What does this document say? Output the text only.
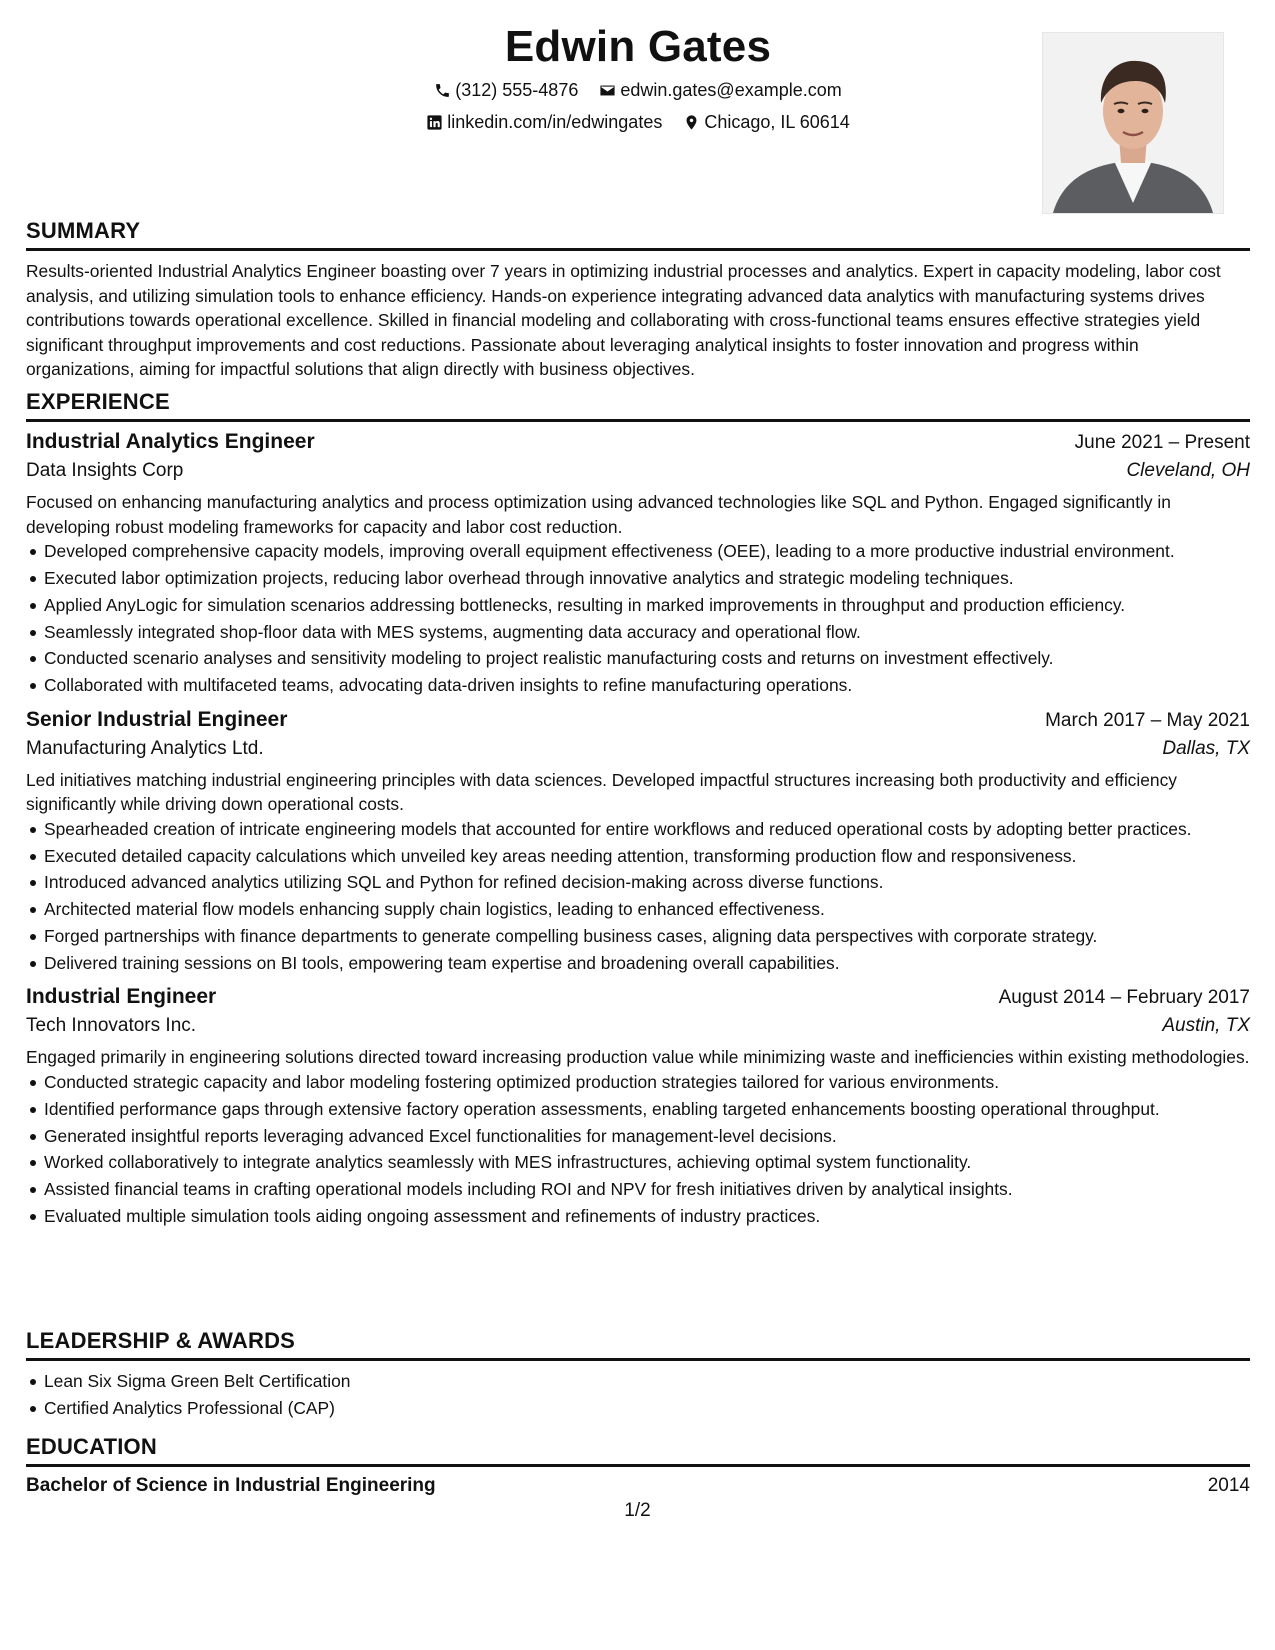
Edwin Gates
(312) 555-4876
edwin.gates@example.com
linkedin.com/in/edwingates
Chicago, IL 60614
SUMMARY

Results-oriented Industrial Analytics Engineer boasting over 7 years in optimizing industrial processes and analytics. Expert in capacity modeling, labor cost analysis, and utilizing simulation tools to enhance efficiency. Hands-on experience integrating advanced data analytics with manufacturing systems drives contributions towards operational excellence. Skilled in financial modeling and collaborating with cross-functional teams ensures effective strategies yield significant throughput improvements and cost reductions. Passionate about leveraging analytical insights to foster innovation and progress within organizations, aiming for impactful solutions that align directly with business objectives.

EXPERIENCE
Industrial Analytics Engineer	June 2021 – Present
Data Insights Corp	Cleveland, OH

Focused on enhancing manufacturing analytics and process optimization using advanced technologies like SQL and Python. Engaged significantly in developing robust modeling frameworks for capacity and labor cost reduction.

Developed comprehensive capacity models, improving overall equipment effectiveness (OEE), leading to a more productive industrial environment.
Executed labor optimization projects, reducing labor overhead through innovative analytics and strategic modeling techniques.
Applied AnyLogic for simulation scenarios addressing bottlenecks, resulting in marked improvements in throughput and production efficiency.
Seamlessly integrated shop-floor data with MES systems, augmenting data accuracy and operational flow.
Conducted scenario analyses and sensitivity modeling to project realistic manufacturing costs and returns on investment effectively.
Collaborated with multifaceted teams, advocating data-driven insights to refine manufacturing operations.
Senior Industrial Engineer	March 2017 – May 2021
Manufacturing Analytics Ltd.	Dallas, TX

Led initiatives matching industrial engineering principles with data sciences. Developed impactful structures increasing both productivity and efficiency significantly while driving down operational costs.

Spearheaded creation of intricate engineering models that accounted for entire workflows and reduced operational costs by adopting better practices.
Executed detailed capacity calculations which unveiled key areas needing attention, transforming production flow and responsiveness.
Introduced advanced analytics utilizing SQL and Python for refined decision-making across diverse functions.
Architected material flow models enhancing supply chain logistics, leading to enhanced effectiveness.
Forged partnerships with finance departments to generate compelling business cases, aligning data perspectives with corporate strategy.
Delivered training sessions on BI tools, empowering team expertise and broadening overall capabilities.
Industrial Engineer	August 2014 – February 2017
Tech Innovators Inc.	Austin, TX

Engaged primarily in engineering solutions directed toward increasing production value while minimizing waste and inefficiencies within existing methodologies.

Conducted strategic capacity and labor modeling fostering optimized production strategies tailored for various environments.
Identified performance gaps through extensive factory operation assessments, enabling targeted enhancements boosting operational throughput.
Generated insightful reports leveraging advanced Excel functionalities for management-level decisions.
Worked collaboratively to integrate analytics seamlessly with MES infrastructures, achieving optimal system functionality.
Assisted financial teams in crafting operational models including ROI and NPV for fresh initiatives driven by analytical insights.
Evaluated multiple simulation tools aiding ongoing assessment and refinements of industry practices.
LEADERSHIP & AWARDS
Lean Six Sigma Green Belt Certification
Certified Analytics Professional (CAP)
EDUCATION
Bachelor of Science in Industrial Engineering	2014
1/2
